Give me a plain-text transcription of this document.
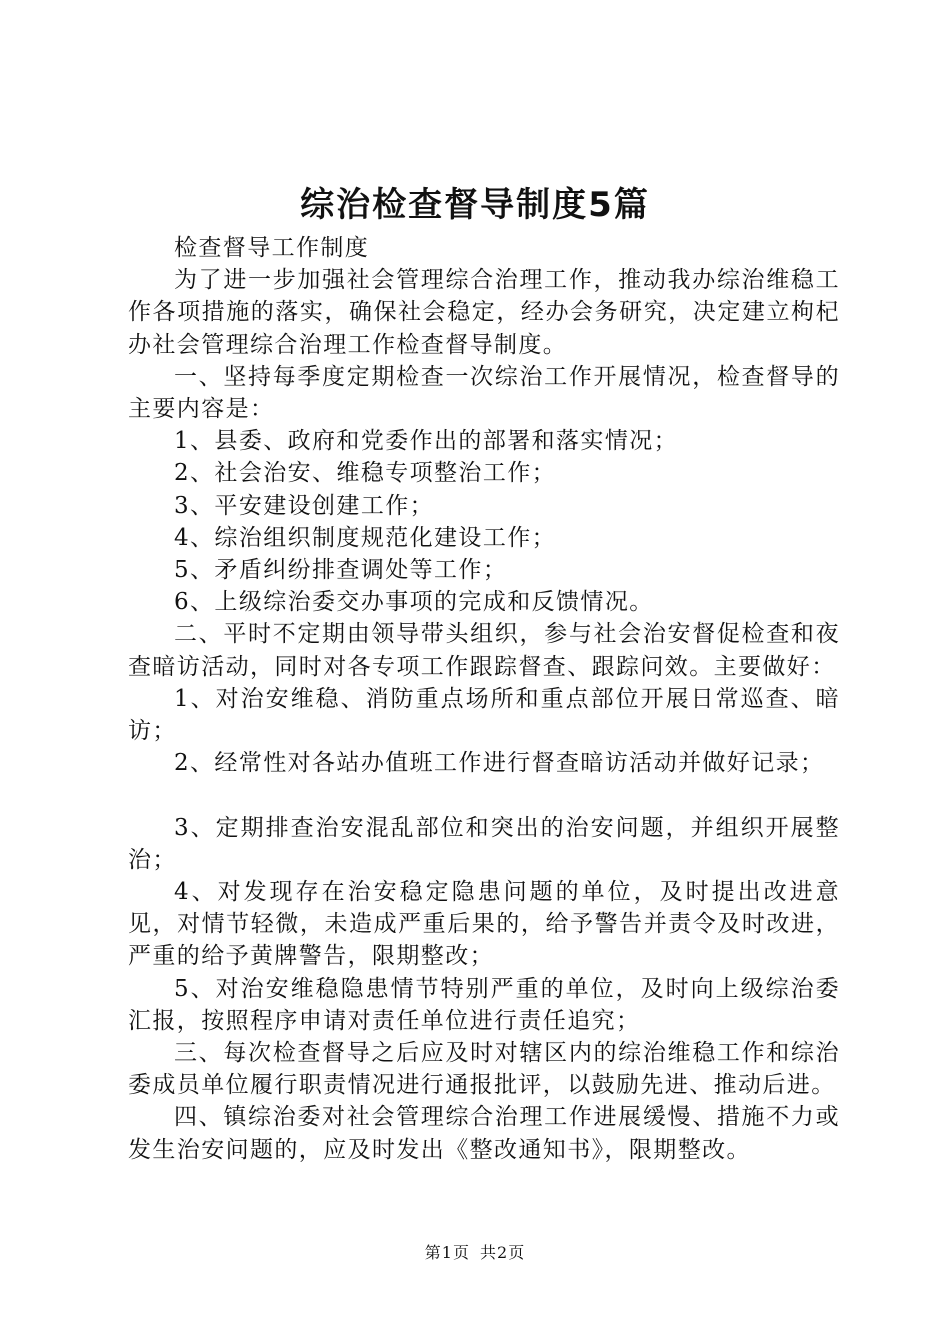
综治检查督导制度5篇

检查督导工作制度

为了进一步加强社会管理综合治理工作，推动我办综治维稳工作各项措施的落实，确保社会稳定，经办会务研究，决定建立枸杞办社会管理综合治理工作检查督导制度。

一、坚持每季度定期检查一次综治工作开展情况，检查督导的主要内容是：

1、县委、政府和党委作出的部署和落实情况；

2、社会治安、维稳专项整治工作；

3、平安建设创建工作；

4、综治组织制度规范化建设工作；

5、矛盾纠纷排查调处等工作；

6、上级综治委交办事项的完成和反馈情况。

二、平时不定期由领导带头组织，参与社会治安督促检查和夜查暗访活动，同时对各专项工作跟踪督查、跟踪问效。主要做好：

1、对治安维稳、消防重点场所和重点部位开展日常巡查、暗访；

2、经常性对各站办值班工作进行督查暗访活动并做好记录；

3、定期排查治安混乱部位和突出的治安问题，并组织开展整治；

4、对发现存在治安稳定隐患问题的单位，及时提出改进意见，对情节轻微，未造成严重后果的，给予警告并责令及时改进，严重的给予黄牌警告，限期整改；

5、对治安维稳隐患情节特别严重的单位，及时向上级综治委汇报，按照程序申请对责任单位进行责任追究；

三、每次检查督导之后应及时对辖区内的综治维稳工作和综治委成员单位履行职责情况进行通报批评，以鼓励先进、推动后进。

四、镇综治委对社会管理综合治理工作进展缓慢、措施不力或发生治安问题的，应及时发出《整改通知书》，限期整改。

第1页 共2页
